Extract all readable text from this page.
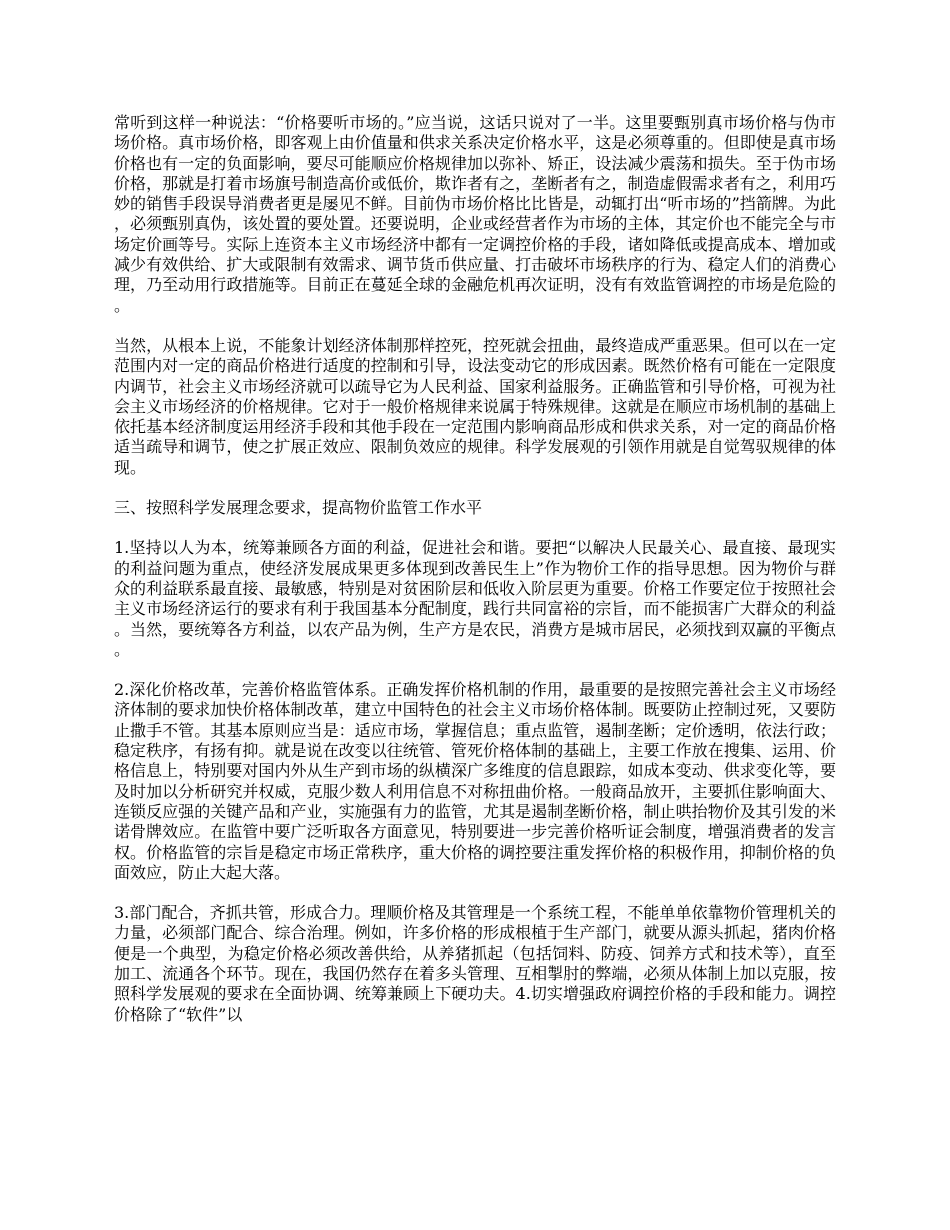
常听到这样一种说法：“价格要听市场的。”应当说，这话只说对了一半。这里要甄别真市场价格与伪市场价格。真市场价格，即客观上由价值量和供求关系决定价格水平，这是必须尊重的。但即使是真市场价格也有一定的负面影响，要尽可能顺应价格规律加以弥补、矫正，设法减少震荡和损失。至于伪市场价格，那就是打着市场旗号制造高价或低价，欺诈者有之，垄断者有之，制造虚假需求者有之，利用巧妙的销售手段误导消费者更是屡见不鲜。目前伪市场价格比比皆是，动辄打出“听市场的”挡箭牌。为此，必须甄别真伪，该处置的要处置。还要说明，企业或经营者作为市场的主体，其定价也不能完全与市场定价画等号。实际上连资本主义市场经济中都有一定调控价格的手段，诸如降低或提高成本、增加或减少有效供给、扩大或限制有效需求、调节货币供应量、打击破坏市场秩序的行为、稳定人们的消费心理，乃至动用行政措施等。目前正在蔓延全球的金融危机再次证明，没有有效监管调控的市场是危险的。

当然，从根本上说，不能象计划经济体制那样控死，控死就会扭曲，最终造成严重恶果。但可以在一定范围内对一定的商品价格进行适度的控制和引导，设法变动它的形成因素。既然价格有可能在一定限度内调节，社会主义市场经济就可以疏导它为人民利益、国家利益服务。正确监管和引导价格，可视为社会主义市场经济的价格规律。它对于一般价格规律来说属于特殊规律。这就是在顺应市场机制的基础上依托基本经济制度运用经济手段和其他手段在一定范围内影响商品形成和供求关系，对一定的商品价格适当疏导和调节，使之扩展正效应、限制负效应的规律。科学发展观的引领作用就是自觉驾驭规律的体现。

三、按照科学发展理念要求，提高物价监管工作水平

1.坚持以人为本，统筹兼顾各方面的利益，促进社会和谐。要把“以解决人民最关心、最直接、最现实的利益问题为重点，使经济发展成果更多体现到改善民生上”作为物价工作的指导思想。因为物价与群众的利益联系最直接、最敏感，特别是对贫困阶层和低收入阶层更为重要。价格工作要定位于按照社会主义市场经济运行的要求有利于我国基本分配制度，践行共同富裕的宗旨，而不能损害广大群众的利益。当然，要统筹各方利益，以农产品为例，生产方是农民，消费方是城市居民，必须找到双赢的平衡点。

2.深化价格改革，完善价格监管体系。正确发挥价格机制的作用，最重要的是按照完善社会主义市场经济体制的要求加快价格体制改革，建立中国特色的社会主义市场价格体制。既要防止控制过死，又要防止撒手不管。其基本原则应当是：适应市场，掌握信息；重点监管，遏制垄断；定价透明，依法行政；稳定秩序，有扬有抑。就是说在改变以往统管、管死价格体制的基础上，主要工作放在搜集、运用、价格信息上，特别要对国内外从生产到市场的纵横深广多维度的信息跟踪，如成本变动、供求变化等，要及时加以分析研究并权威，克服少数人利用信息不对称扭曲价格。一般商品放开，主要抓住影响面大、连锁反应强的关键产品和产业，实施强有力的监管，尤其是遏制垄断价格，制止哄抬物价及其引发的米诺骨牌效应。在监管中要广泛听取各方面意见，特别要进一步完善价格听证会制度，增强消费者的发言权。价格监管的宗旨是稳定市场正常秩序，重大价格的调控要注重发挥价格的积极作用，抑制价格的负面效应，防止大起大落。

3.部门配合，齐抓共管，形成合力。理顺价格及其管理是一个系统工程，不能单单依靠物价管理机关的力量，必须部门配合、综合治理。例如，许多价格的形成根植于生产部门，就要从源头抓起，猪肉价格便是一个典型，为稳定价格必须改善供给，从养猪抓起（包括饲料、防疫、饲养方式和技术等），直至加工、流通各个环节。现在，我国仍然存在着多头管理、互相掣肘的弊端，必须从体制上加以克服，按照科学发展观的要求在全面协调、统筹兼顾上下硬功夫。4.切实增强政府调控价格的手段和能力。调控价格除了“软件”以
